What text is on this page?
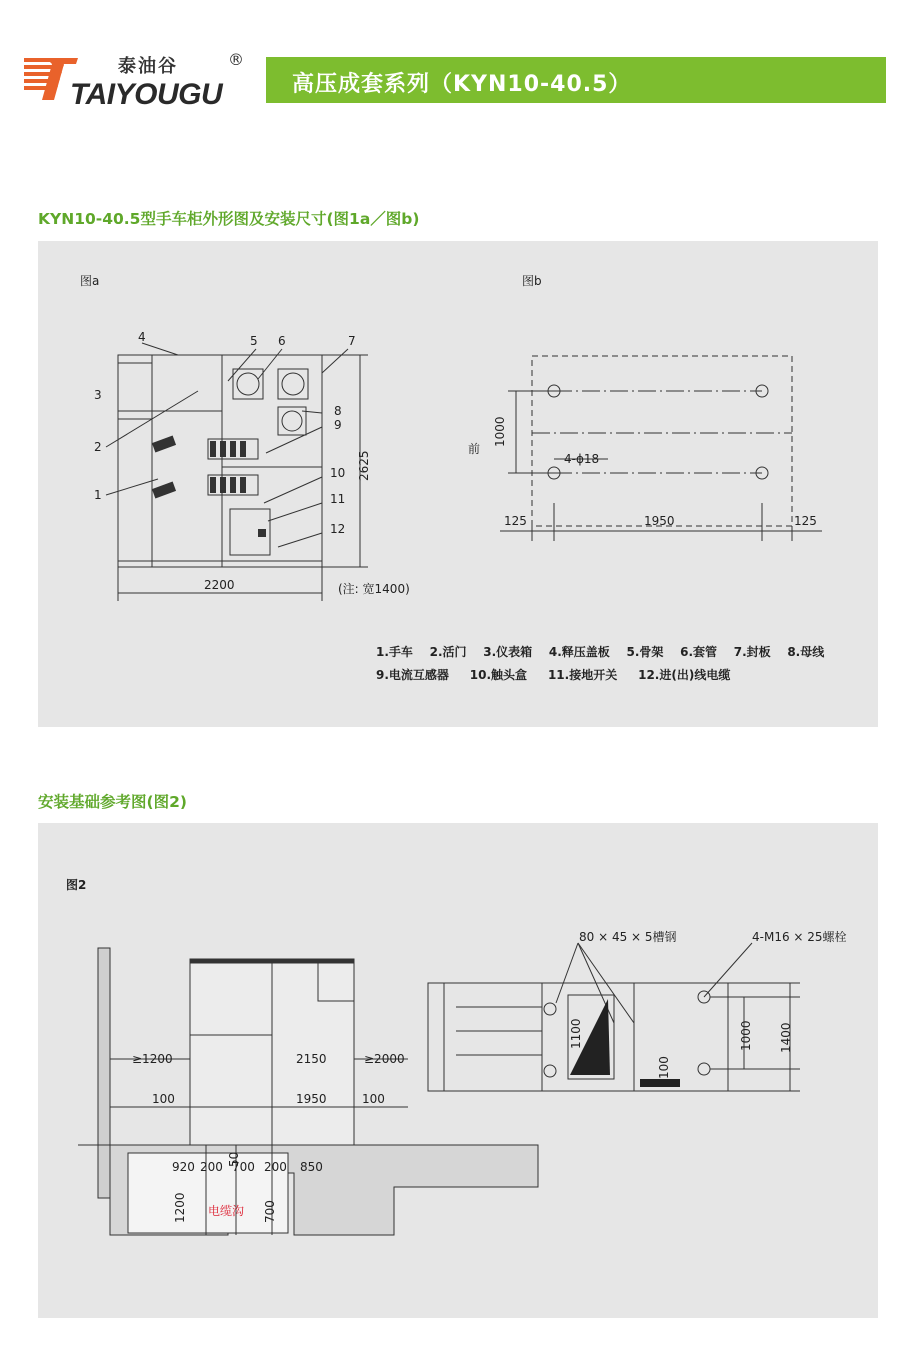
泰油谷	®
TAIYOUGU	高压成套系列（KYN10-40.5）
KYN10-40.5型手车柜外形图及安装尺寸(图1a／图b)
图a	图b
4	5 6	7
3
2
1
8
9
10
11
12
2200	(注: 宽1400)
2625
前
1000
4-ϕ18
125	1950	125
1.手车    2.活门    3.仪表箱    4.释压盖板    5.骨架    6.套管    7.封板    8.母线
9.电流互感器     10.触头盒     11.接地开关     12.进(出)线电缆
安装基础参考图(图2)
图2
≥1200	2150	≥2000
100	1950	100
50
920 200 700 200 850
1200	700
电缆沟
80 × 45 × 5槽钢	4-M16 × 25螺栓
1100
100
1000 1400
